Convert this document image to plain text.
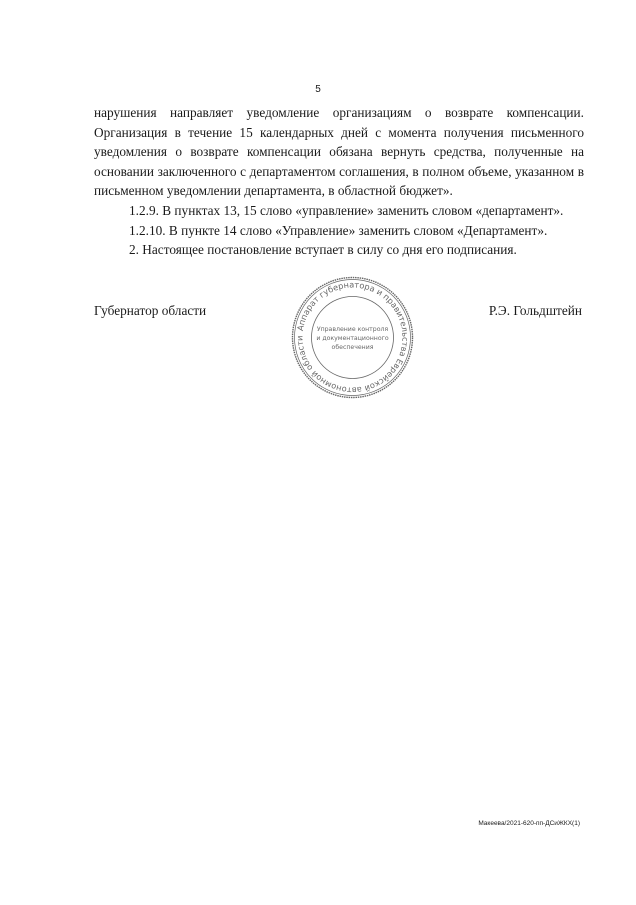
5

нарушения направляет уведомление организациям о возврате компенсации. Организация в течение 15 календарных дней с момента получения письменного уведомления о возврате компенсации обязана вернуть средства, полученные на основании заключенного с департаментом соглашения, в полном объеме, указанном в письменном уведомлении департамента, в областной бюджет».

1.2.9. В пунктах 13, 15 слово «управление» заменить словом «департамент».

1.2.10. В пункте 14 слово «Управление» заменить словом «Департамент».

2. Настоящее постановление вступает в силу со дня его подписания.

Губернатор области	Р.Э. Гольдштейн
Аппарат губернатора и правительства Еврейской автономной области
Управление контроля
и документационного
обеспечения
Макеева/2021-620-пп-ДСиЖКХ(1)
